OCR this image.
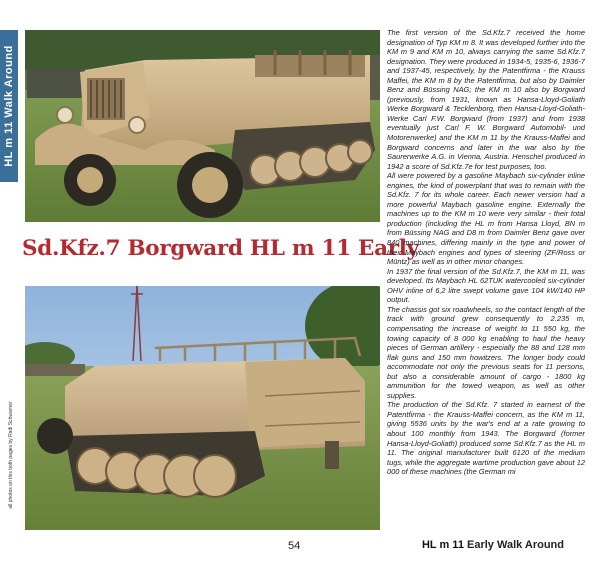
HL m 11 Walk Around
all photos on this both pages by Radi Schwarner
Sd.Kfz.7 Borgward HL m 11 Early

The first version of the Sd.Kfz.7 received the home designation of Typ KM m 8. It was developed further into the KM m 9 and KM m 10, always carrying the same Sd.Kfz.7 designation. They were produced in 1934-5, 1935-6, 1936-7 and 1937-45, respectively, by the Patentfirma - the Krauss Maffei, the KM m 8 by the Patentfirma, but also by Daimler Benz and Büssing NAG; the KM m 10 also by Borgward (previously, from 1931, known as Hansa-Lloyd-Goliath Werke Borgward & Tecklenborg, then Hansa-Lloyd-Goliath-Werke Carl F.W. Borgward (from 1937) and from 1938 eventually just Carl F. W. Borgward Automobil- und Motorenwerke) and the KM m 11 by the Krauss-Maffei and Borgward concerns and later in the war also by the Saurerwerke A.G. in Vienna, Austria. Henschel produced in 1942 a score of Sd.Kfz.7e for test purposes, too.

All were powered by a gasoline Maybach six-cylinder inline engines, the kind of powerplant that was to remain with the Sd.Kfz. 7 for its whole career. Each newer version had a more powerful Maybach gasoline engine. Externally the machines up to the KM m 10 were very similar - their total production (including the HL m from Hansa Lloyd, BN m from Büssing NAG and D8 m from Daimler Benz gave over 840 machines, differing mainly in the type and power of their Maybach engines and types of steering (ZF/Ross or Müntz) as well as in other minor changes.

In 1937 the final version of the Sd.Kfz.7, the KM m 11, was developed. Its Maybach HL 62TUK watercooled six-cylinder OHV inline of 6,2 litre swept volume gave 104 kW/140 HP output.

The chassis got six roadwheels, so the contact length of the track with ground grew consequently to 2.235 m, compensating the increase of weight to 11 550 kg, the towing capacity of 8 000 kg enabling to haul the heavy pieces of German artillery - especially the 88 and 128 mm flak guns and 150 mm howitzers. The longer body could accommodate not only the previous seats for 11 persons, but also a considerable amount of cargo - 1800 kg ammunition for the towed weapon, as well as other supplies.

The production of the Sd.Kfz. 7 started in earnest of the Patentfirma - the Krauss-Maffei concern, as the KM m 11, giving 5536 units by the war's end at a rate growing to about 100 monthly from 1943. The Borgward (former Hansa-Lloyd-Goliath) produced some Sd.Kfz.7 as the HL m 11. The original manufacturer built 6120 of the medium tugs, while the aggregate wartime production gave about 12 000 of these machines (the German mi

54	HL m 11 Early Walk Around
